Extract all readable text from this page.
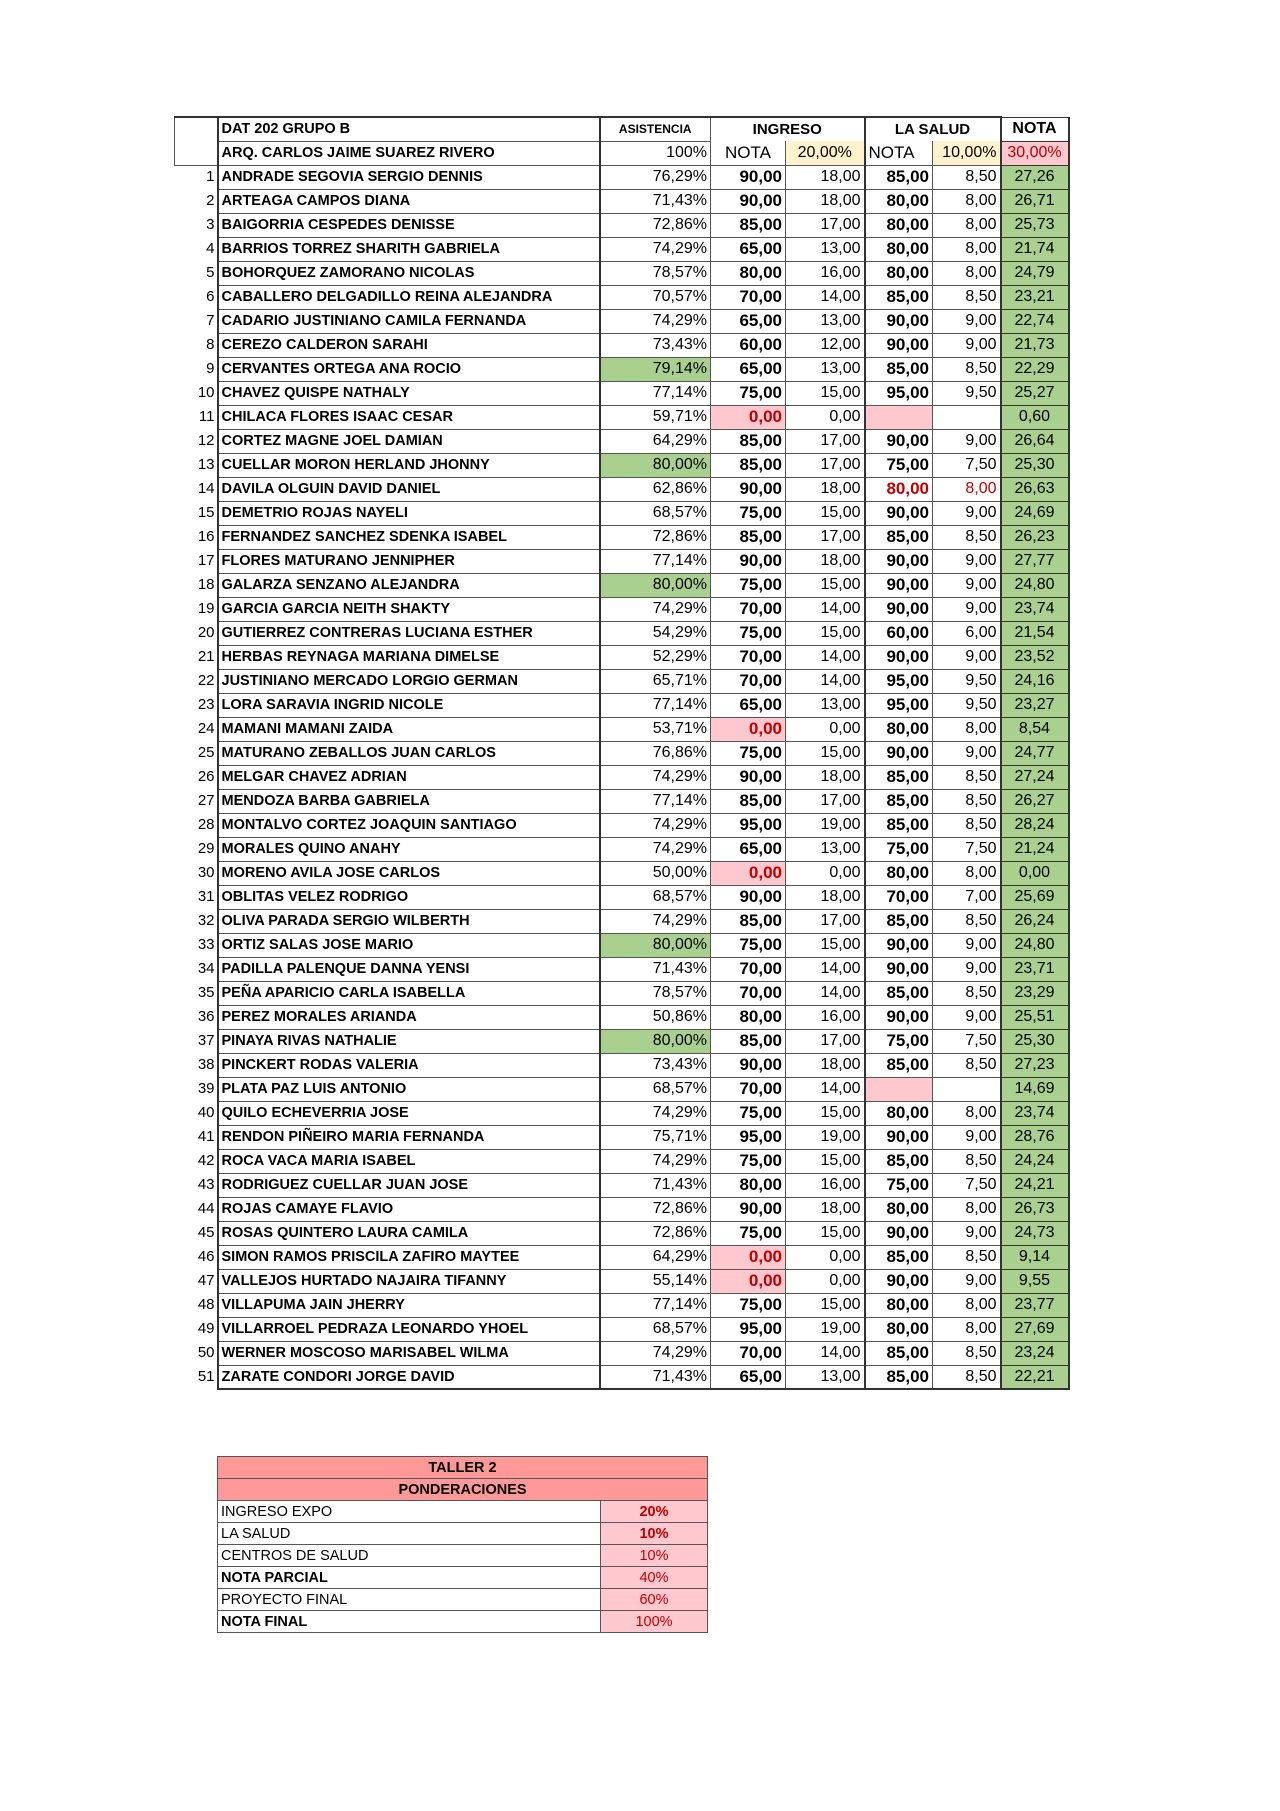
	DAT 202 GRUPO B	ASISTENCIA	INGRESO		LA SALUD		NOTA
	ARQ. CARLOS JAIME SUAREZ RIVERO	100%	NOTA	20,00%	NOTA	10,00%	30,00%
1	ANDRADE SEGOVIA SERGIO DENNIS	76,29%	90,00	18,00	85,00	8,50	27,26
2	ARTEAGA CAMPOS DIANA	71,43%	90,00	18,00	80,00	8,00	26,71
3	BAIGORRIA CESPEDES DENISSE	72,86%	85,00	17,00	80,00	8,00	25,73
4	BARRIOS TORREZ SHARITH GABRIELA	74,29%	65,00	13,00	80,00	8,00	21,74
5	BOHORQUEZ ZAMORANO NICOLAS	78,57%	80,00	16,00	80,00	8,00	24,79
6	CABALLERO DELGADILLO REINA ALEJANDRA	70,57%	70,00	14,00	85,00	8,50	23,21
7	CADARIO JUSTINIANO CAMILA FERNANDA	74,29%	65,00	13,00	90,00	9,00	22,74
8	CEREZO CALDERON SARAHI	73,43%	60,00	12,00	90,00	9,00	21,73
9	CERVANTES ORTEGA ANA ROCIO	79,14%	65,00	13,00	85,00	8,50	22,29
10	CHAVEZ QUISPE NATHALY	77,14%	75,00	15,00	95,00	9,50	25,27
11	CHILACA FLORES ISAAC CESAR	59,71%	0,00	0,00			0,60
12	CORTEZ MAGNE JOEL DAMIAN	64,29%	85,00	17,00	90,00	9,00	26,64
13	CUELLAR MORON HERLAND JHONNY	80,00%	85,00	17,00	75,00	7,50	25,30
14	DAVILA OLGUIN DAVID DANIEL	62,86%	90,00	18,00	80,00	8,00	26,63
15	DEMETRIO ROJAS NAYELI	68,57%	75,00	15,00	90,00	9,00	24,69
16	FERNANDEZ SANCHEZ SDENKA ISABEL	72,86%	85,00	17,00	85,00	8,50	26,23
17	FLORES MATURANO JENNIPHER	77,14%	90,00	18,00	90,00	9,00	27,77
18	GALARZA SENZANO ALEJANDRA	80,00%	75,00	15,00	90,00	9,00	24,80
19	GARCIA GARCIA NEITH SHAKTY	74,29%	70,00	14,00	90,00	9,00	23,74
20	GUTIERREZ CONTRERAS LUCIANA ESTHER	54,29%	75,00	15,00	60,00	6,00	21,54
21	HERBAS REYNAGA MARIANA DIMELSE	52,29%	70,00	14,00	90,00	9,00	23,52
22	JUSTINIANO MERCADO LORGIO GERMAN	65,71%	70,00	14,00	95,00	9,50	24,16
23	LORA SARAVIA INGRID NICOLE	77,14%	65,00	13,00	95,00	9,50	23,27
24	MAMANI MAMANI ZAIDA	53,71%	0,00	0,00	80,00	8,00	8,54
25	MATURANO ZEBALLOS JUAN CARLOS	76,86%	75,00	15,00	90,00	9,00	24,77
26	MELGAR CHAVEZ ADRIAN	74,29%	90,00	18,00	85,00	8,50	27,24
27	MENDOZA BARBA GABRIELA	77,14%	85,00	17,00	85,00	8,50	26,27
28	MONTALVO CORTEZ JOAQUIN SANTIAGO	74,29%	95,00	19,00	85,00	8,50	28,24
29	MORALES QUINO ANAHY	74,29%	65,00	13,00	75,00	7,50	21,24
30	MORENO AVILA JOSE CARLOS	50,00%	0,00	0,00	80,00	8,00	0,00
31	OBLITAS VELEZ RODRIGO	68,57%	90,00	18,00	70,00	7,00	25,69
32	OLIVA PARADA SERGIO WILBERTH	74,29%	85,00	17,00	85,00	8,50	26,24
33	ORTIZ SALAS JOSE MARIO	80,00%	75,00	15,00	90,00	9,00	24,80
34	PADILLA PALENQUE DANNA YENSI	71,43%	70,00	14,00	90,00	9,00	23,71
35	PEÑA APARICIO CARLA ISABELLA	78,57%	70,00	14,00	85,00	8,50	23,29
36	PEREZ MORALES ARIANDA	50,86%	80,00	16,00	90,00	9,00	25,51
37	PINAYA RIVAS NATHALIE	80,00%	85,00	17,00	75,00	7,50	25,30
38	PINCKERT RODAS VALERIA	73,43%	90,00	18,00	85,00	8,50	27,23
39	PLATA PAZ LUIS ANTONIO	68,57%	70,00	14,00			14,69
40	QUILO ECHEVERRIA JOSE	74,29%	75,00	15,00	80,00	8,00	23,74
41	RENDON PIÑEIRO MARIA FERNANDA	75,71%	95,00	19,00	90,00	9,00	28,76
42	ROCA VACA MARIA ISABEL	74,29%	75,00	15,00	85,00	8,50	24,24
43	RODRIGUEZ CUELLAR JUAN JOSE	71,43%	80,00	16,00	75,00	7,50	24,21
44	ROJAS CAMAYE FLAVIO	72,86%	90,00	18,00	80,00	8,00	26,73
45	ROSAS QUINTERO LAURA CAMILA	72,86%	75,00	15,00	90,00	9,00	24,73
46	SIMON RAMOS PRISCILA ZAFIRO MAYTEE	64,29%	0,00	0,00	85,00	8,50	9,14
47	VALLEJOS HURTADO NAJAIRA TIFANNY	55,14%	0,00	0,00	90,00	9,00	9,55
48	VILLAPUMA JAIN JHERRY	77,14%	75,00	15,00	80,00	8,00	23,77
49	VILLARROEL PEDRAZA LEONARDO YHOEL	68,57%	95,00	19,00	80,00	8,00	27,69
50	WERNER MOSCOSO MARISABEL WILMA	74,29%	70,00	14,00	85,00	8,50	23,24
51	ZARATE CONDORI JORGE DAVID	71,43%	65,00	13,00	85,00	8,50	22,21
TALLER 2	
PONDERACIONES	
INGRESO EXPO	20%
LA SALUD	10%
CENTROS DE SALUD	10%
NOTA PARCIAL	40%
PROYECTO FINAL	60%
NOTA FINAL	100%
